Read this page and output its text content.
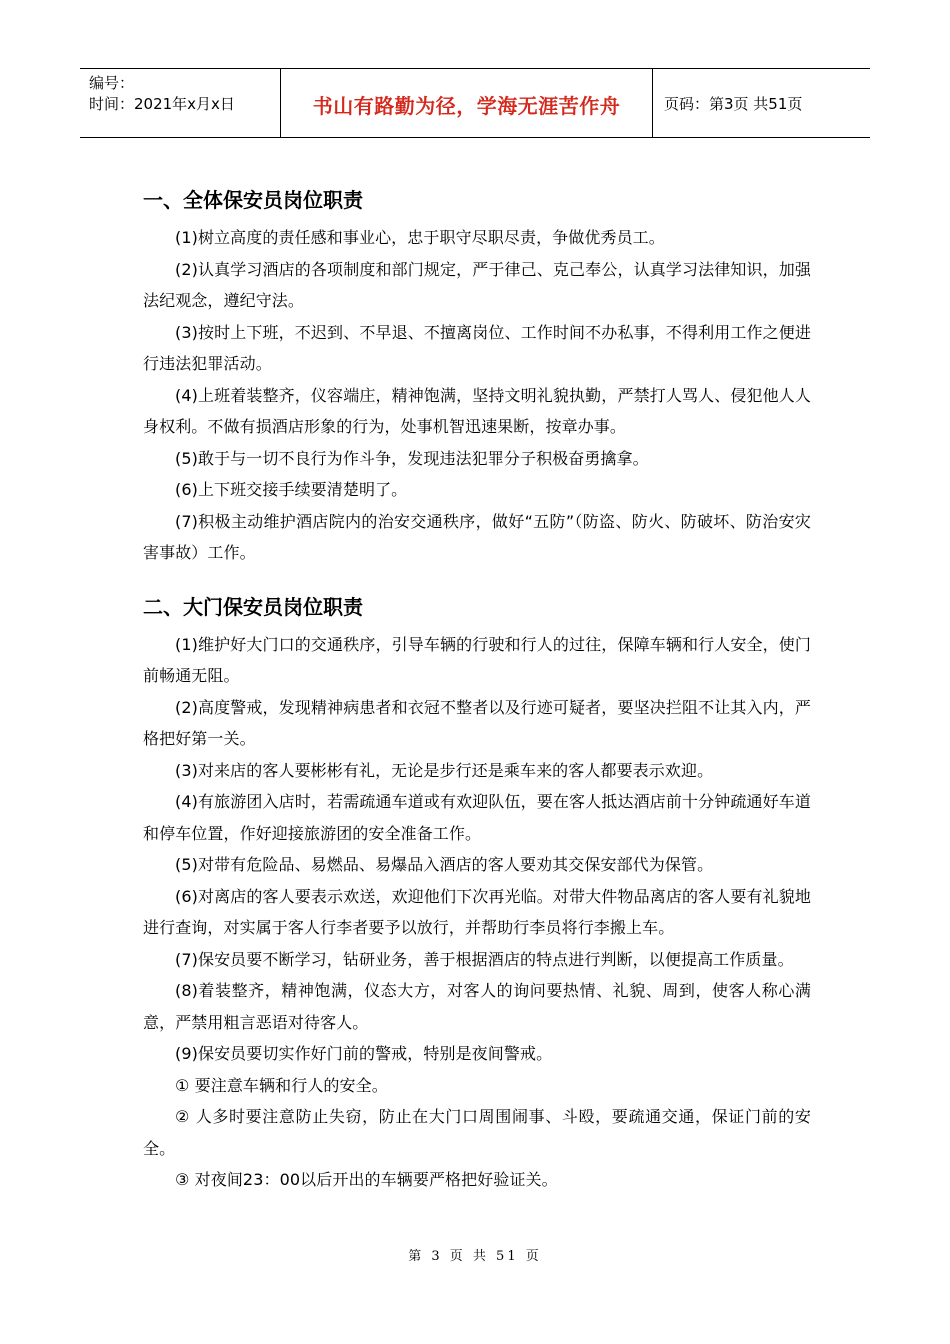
编号：
时间：2021年x月x日	书山有路勤为径，学海无涯苦作舟	页码：第3页 共51页
一、全体保安员岗位职责

(1)树立高度的责任感和事业心，忠于职守尽职尽责，争做优秀员工。

(2)认真学习酒店的各项制度和部门规定，严于律己、克己奉公，认真学习法律知识，加强法纪观念，遵纪守法。

(3)按时上下班，不迟到、不早退、不擅离岗位、工作时间不办私事，不得利用工作之便进行违法犯罪活动。

(4)上班着装整齐，仪容端庄，精神饱满，坚持文明礼貌执勤，严禁打人骂人、侵犯他人人身权利。不做有损酒店形象的行为，处事机智迅速果断，按章办事。

(5)敢于与一切不良行为作斗争，发现违法犯罪分子积极奋勇擒拿。

(6)上下班交接手续要清楚明了。

(7)积极主动维护酒店院内的治安交通秩序，做好“五防”（防盗、防火、防破坏、防治安灾害事故）工作。

二、大门保安员岗位职责

(1)维护好大门口的交通秩序，引导车辆的行驶和行人的过往，保障车辆和行人安全，使门前畅通无阻。

(2)高度警戒，发现精神病患者和衣冠不整者以及行迹可疑者，要坚决拦阻不让其入内，严格把好第一关。

(3)对来店的客人要彬彬有礼，无论是步行还是乘车来的客人都要表示欢迎。

(4)有旅游团入店时，若需疏通车道或有欢迎队伍，要在客人抵达酒店前十分钟疏通好车道和停车位置，作好迎接旅游团的安全准备工作。

(5)对带有危险品、易燃品、易爆品入酒店的客人要劝其交保安部代为保管。

(6)对离店的客人要表示欢送，欢迎他们下次再光临。对带大件物品离店的客人要有礼貌地进行查询，对实属于客人行李者要予以放行，并帮助行李员将行李搬上车。

(7)保安员要不断学习，钻研业务，善于根据酒店的特点进行判断，以便提高工作质量。

(8)着装整齐，精神饱满，仪态大方，对客人的询问要热情、礼貌、周到，使客人称心满意，严禁用粗言恶语对待客人。

(9)保安员要切实作好门前的警戒，特别是夜间警戒。

① 要注意车辆和行人的安全。

② 人多时要注意防止失窃，防止在大门口周围闹事、斗殴，要疏通交通，保证门前的安全。

③ 对夜间23：00以后开出的车辆要严格把好验证关。

第 3 页 共 51 页
